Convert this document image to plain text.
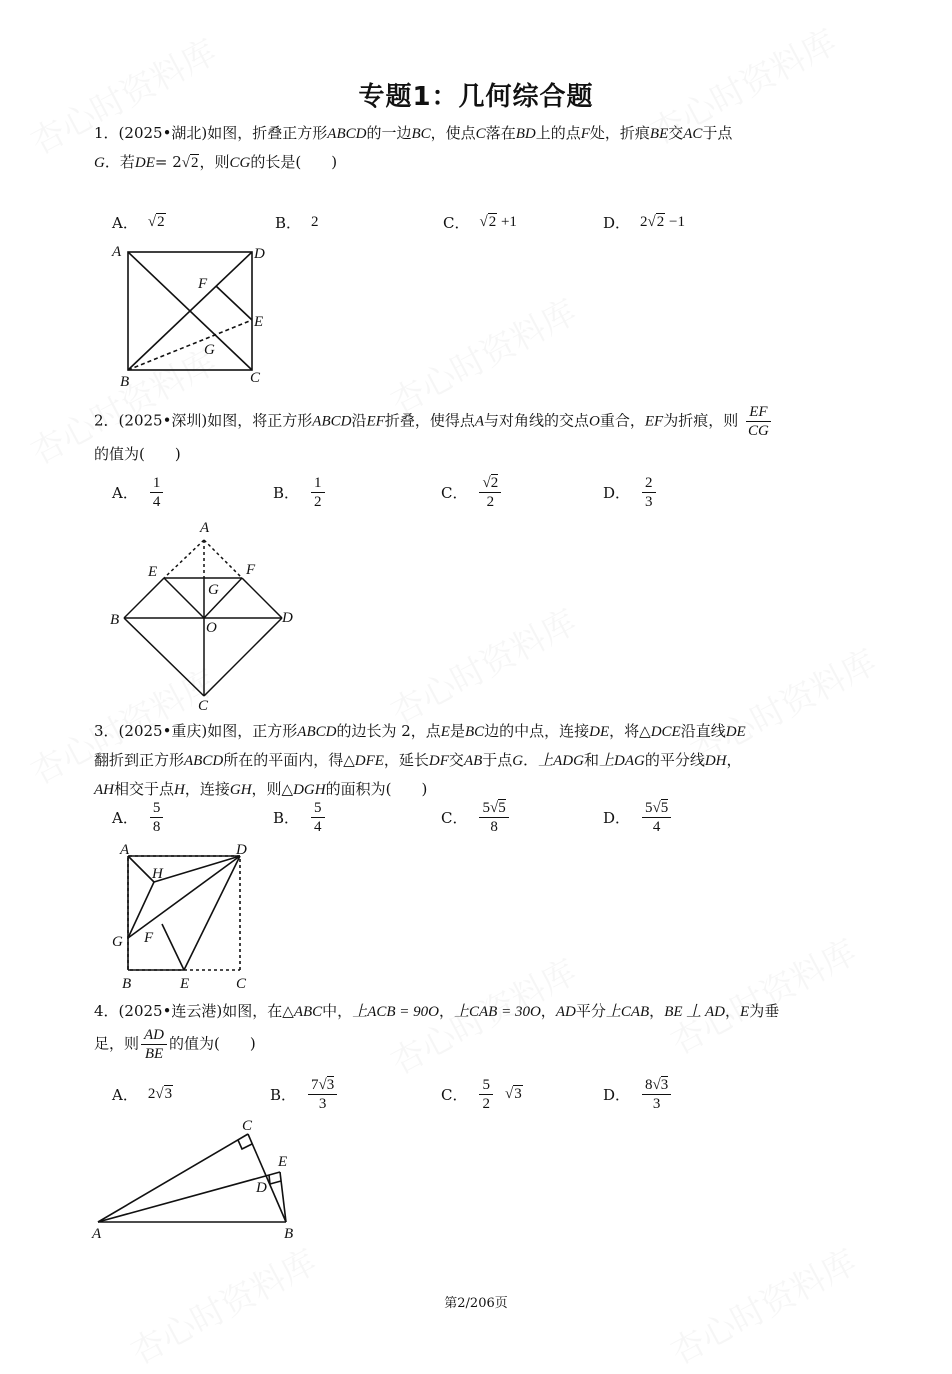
专题1：几何综合题
1．(2025•湖北)如图，折叠正方形ABCD的一边BC，使点C落在BD上的点F处，折痕BE交AC于点
G．若DE= 2√2，则CG的长是(　　)
A． √2	B． 2	C． √2 +1	D． 2√2 −1
A	D
F
E
G
B	C
2．(2025•深圳)如图，将正方形ABCD沿EF折叠，使得点A与对角线的交点O重合，EF为折痕，则 $\frac{EF}{CG}$

的值为(　　)
A． $\frac{1}{4}$	B． $\frac{1}{2}$	C． $\frac{√2}{2}$	D． $\frac{2}{3}$
A
E	F
G
B	O
D
C
3．(2025•重庆)如图，正方形ABCD的边长为 2，点E是BC边的中点，连接DE，将△DCE沿直线DE
翻折到正方形ABCD所在的平面内，得△DFE，延长DF交AB于点G．上ADG和上DAG的平分线DH，
AH相交于点H，连接GH，则△DGH的面积为(　　)
A． $\frac{5}{8}$	B． $\frac{5}{4}$	C． $\frac{5√5}{8}$	D． $\frac{5√5}{4}$
A	D
H
F
G
B	E	C
4．(2025•连云港)如图，在△ABC中，上ACB = 90O，上CAB = 30O，AD平分上CAB，BE 丄 AD，E为垂
足，则 $\frac{AD}{BE}$ 的值为(　　)
A． 2√3	B． $\frac{7√3}{3}$	C． $\frac{5}{2} √3$	D． $\frac{8√3}{3}$
C
E
D
A	B
第2/206页
